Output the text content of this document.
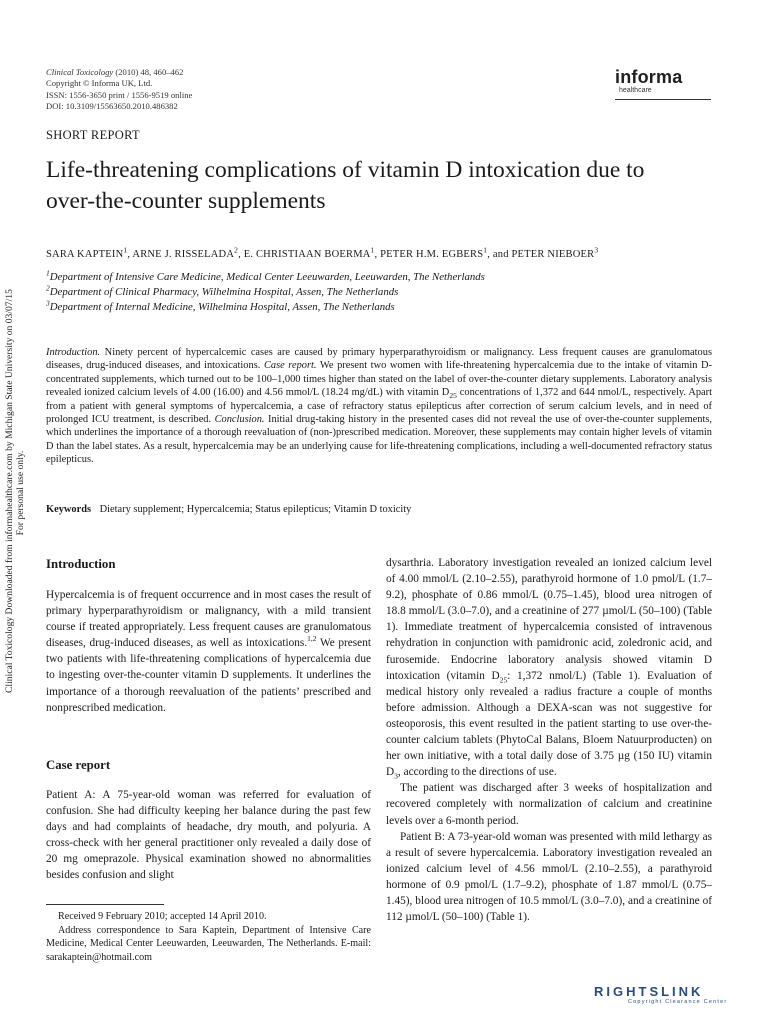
Clinical Toxicology (2010) 48, 460–462
Copyright © Informa UK, Ltd.
ISSN: 1556-3650 print / 1556-9519 online
DOI: 10.3109/15563650.2010.486382
informa
healthcare
Clinical Toxicology Downloaded from informahealthcare.com by Michigan State University on 03/07/15 For personal use only.
SHORT REPORT
Life-threatening complications of vitamin D intoxication due to
over-the-counter supplements
SARA KAPTEIN$^1$, ARNE J. RISSELADA$^2$, E. CHRISTIAAN BOERMA$^1$, PETER H.M. EGBERS$^1$, and PETER NIEBOER$^3$
$^1$Department of Intensive Care Medicine, Medical Center Leeuwarden, Leeuwarden, The Netherlands
$^2$Department of Clinical Pharmacy, Wilhelmina Hospital, Assen, The Netherlands
$^3$Department of Internal Medicine, Wilhelmina Hospital, Assen, The Netherlands
Introduction. Ninety percent of hypercalcemic cases are caused by primary hyperparathyroidism or malignancy. Less frequent causes are granulomatous diseases, drug-induced diseases, and intoxications. Case report. We present two women with life-threatening hypercalcemia due to the intake of vitamin D-concentrated supplements, which turned out to be 100–1,000 times higher than stated on the label of over-the-counter dietary supplements. Laboratory analysis revealed ionized calcium levels of 4.00 (16.00) and 4.56 mmol/L (18.24 mg/dL) with vitamin $D_{25}$ concentrations of 1,372 and 644 nmol/L, respectively. Apart from a patient with general symptoms of hypercalcemia, a case of refractory status epilepticus after correction of serum calcium levels, and in need of prolonged ICU treatment, is described. Conclusion. Initial drug-taking history in the presented cases did not reveal the use of over-the-counter supplements, which underlines the importance of a thorough reevaluation of (non-)prescribed medication. Moreover, these supplements may contain higher levels of vitamin D than the label states. As a result, hypercalcemia may be an underlying cause for life-threatening complications, including a well-documented refractory status epilepticus.
Keywords Dietary supplement; Hypercalcemia; Status epilepticus; Vitamin D toxicity
Introduction
Hypercalcemia is of frequent occurrence and in most cases the result of primary hyperparathyroidism or malignancy, with a mild transient course if treated appropriately. Less frequent causes are granulomatous diseases, drug-induced diseases, as well as intoxications.$^{1,2}$ We present two patients with life-threatening complications of hypercalcemia due to ingesting over-the-counter vitamin D supplements. It underlines the importance of a thorough reevaluation of the patients’ prescribed and nonprescribed medication.
Case report
Patient A: A 75-year-old woman was referred for evaluation of confusion. She had difficulty keeping her balance during the past few days and had complaints of headache, dry mouth, and polyuria. A cross-check with her general practitioner only revealed a daily dose of 20 mg omeprazole. Physical examination showed no abnormalities besides confusion and slight

Received 9 February 2010; accepted 14 April 2010.

Address correspondence to Sara Kaptein, Department of Intensive Care Medicine, Medical Center Leeuwarden, Leeuwarden, The Netherlands. E-mail: sarakaptein@hotmail.com

dysarthria. Laboratory investigation revealed an ionized calcium level of 4.00 mmol/L (2.10–2.55), parathyroid hormone of 1.0 pmol/L (1.7–9.2), phosphate of 0.86 mmol/L (0.75–1.45), blood urea nitrogen of 18.8 mmol/L (3.0–7.0), and a creatinine of 277 µmol/L (50–100) (Table 1). Immediate treatment of hypercalcemia consisted of intravenous rehydration in conjunction with pamidronic acid, zoledronic acid, and furosemide. Endocrine laboratory analysis showed vitamin D intoxication (vitamin $D_{25}$: 1,372 nmol/L) (Table 1). Evaluation of medical history only revealed a radius fracture a couple of months before admission. Although a DEXA-scan was not suggestive for osteoporosis, this event resulted in the patient starting to use over-the-counter calcium tablets (PhytoCal Balans, Bloem Natuurproducten) on her own initiative, with a total daily dose of 3.75 µg (150 IU) vitamin $D_3$, according to the directions of use.

The patient was discharged after 3 weeks of hospitalization and recovered completely with normalization of calcium and creatinine levels over a 6-month period.

Patient B: A 73-year-old woman was presented with mild lethargy as a result of severe hypercalcemia. Laboratory investigation revealed an ionized calcium level of 4.56 mmol/L (2.10–2.55), a parathyroid hormone of 0.9 pmol/L (1.7–9.2), phosphate of 1.87 mmol/L (0.75–1.45), blood urea nitrogen of 10.5 mmol/L (3.0–7.0), and a creatinine of 112 µmol/L (50–100) (Table 1).

RIGHTSLINK
Copyright Clearance Center
